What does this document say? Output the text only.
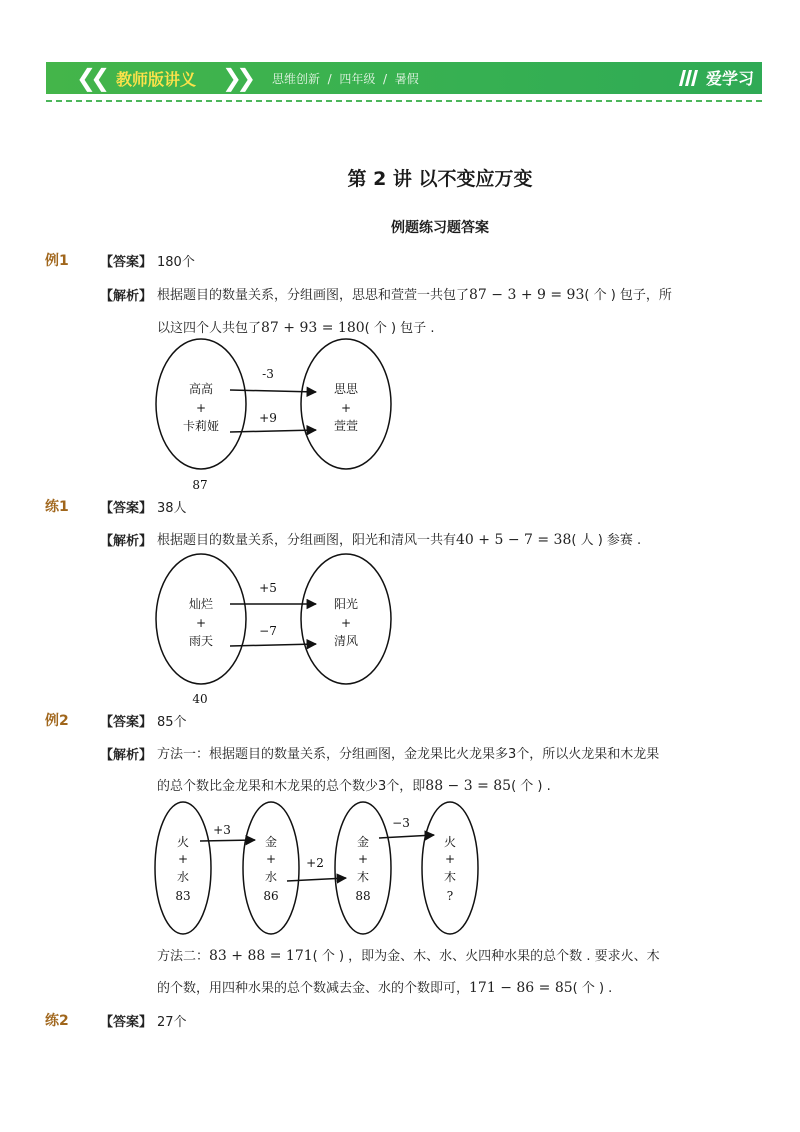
❮❮ 教师版讲义 ❯❯ 思维创新 / 四年级 / 暑假	爱学习
第 2 讲 以不变应万变
例题练习题答案
例1 【答案】 180个
【解析】 根据题目的数量关系，分组画图，思思和萱萱一共包了87 − 3 + 9 = 93( 个 ) 包子，所
以这四个人共包了87 + 93 = 180( 个 ) 包子 .
高高
+
卡莉娅
思思
+
萱萱
-3
+9
87
练1 【答案】 38人
【解析】 根据题目的数量关系，分组画图，阳光和清风一共有40 + 5 − 7 = 38( 人 ) 参赛 .
灿烂
+
雨天
阳光
+
清风
+5
−7
40
例2 【答案】 85个
【解析】 方法一：根据题目的数量关系，分组画图，金龙果比火龙果多3个，所以火龙果和木龙果
的总个数比金龙果和木龙果的总个数少3个，即88 − 3 = 85( 个 ) .
火
+
水
83
金
+
水
86
金
+
木
88
火
+
木
?
+3
+2
−3
方法二：83 + 88 = 171( 个 ) ，即为金、木、水、火四种水果的总个数 . 要求火、木
的个数，用四种水果的总个数减去金、水的个数即可，171 − 86 = 85( 个 ) .
练2 【答案】 27个
